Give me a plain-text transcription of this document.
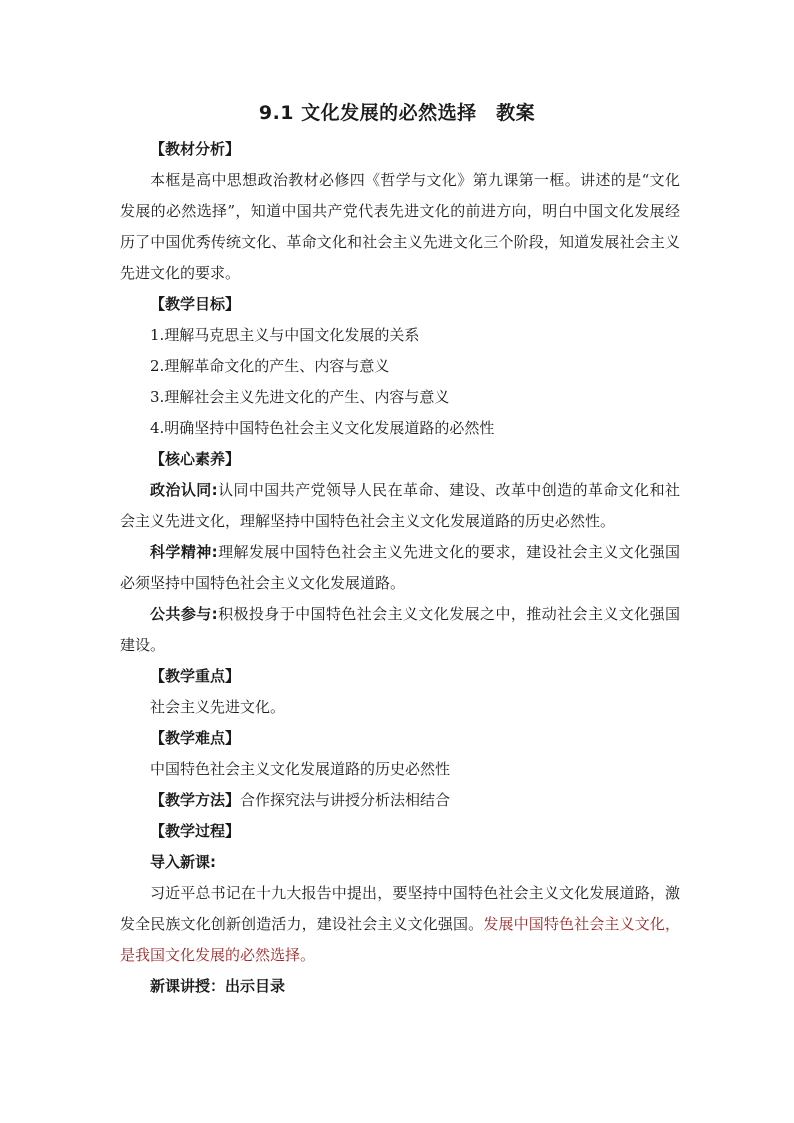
9.1 文化发展的必然选择　教案

【教材分析】

本框是高中思想政治教材必修四《哲学与文化》第九课第一框。讲述的是“文化发展的必然选择”，知道中国共产党代表先进文化的前进方向，明白中国文化发展经历了中国优秀传统文化、革命文化和社会主义先进文化三个阶段，知道发展社会主义先进文化的要求。

【教学目标】

1.理解马克思主义与中国文化发展的关系

2.理解革命文化的产生、内容与意义

3.理解社会主义先进文化的产生、内容与意义

4.明确坚持中国特色社会主义文化发展道路的必然性

【核心素养】

政治认同:认同中国共产党领导人民在革命、建设、改革中创造的革命文化和社会主义先进文化，理解坚持中国特色社会主义文化发展道路的历史必然性。

科学精神:理解发展中国特色社会主义先进文化的要求，建设社会主义文化强国必须坚持中国特色社会主义文化发展道路。

公共参与:积极投身于中国特色社会主义文化发展之中，推动社会主义文化强国建设。

【教学重点】

社会主义先进文化。

【教学难点】

中国特色社会主义文化发展道路的历史必然性

【教学方法】合作探究法与讲授分析法相结合

【教学过程】

导入新课:

习近平总书记在十九大报告中提出，要坚持中国特色社会主义文化发展道路，激发全民族文化创新创造活力，建设社会主义文化强国。发展中国特色社会主义文化，是我国文化发展的必然选择。

新课讲授：出示目录
